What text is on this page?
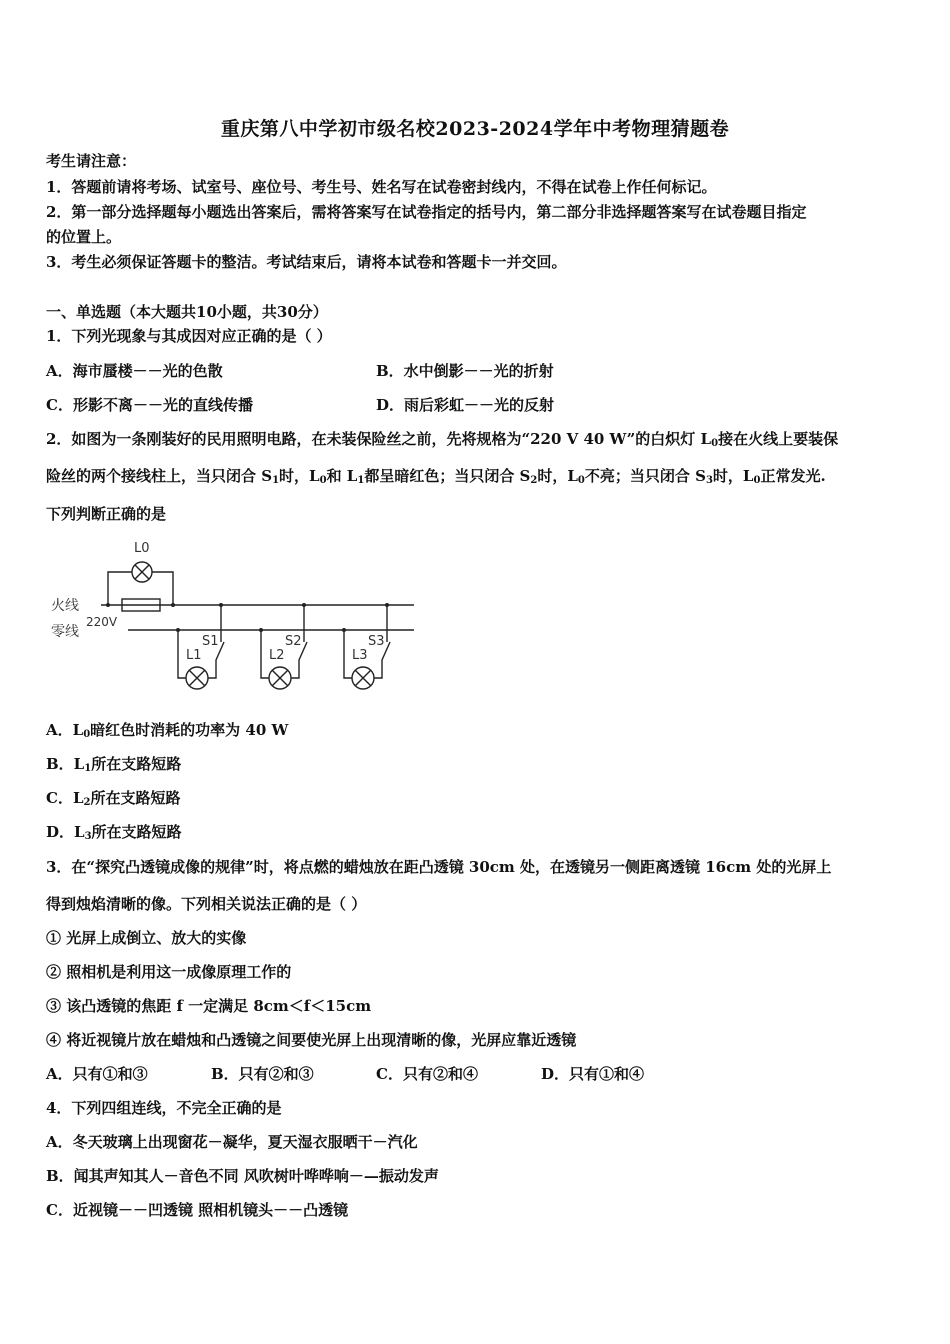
重庆第八中学初市级名校2023-2024学年中考物理猜题卷
考生请注意：
1．答题前请将考场、试室号、座位号、考生号、姓名写在试卷密封线内，不得在试卷上作任何标记。
2．第一部分选择题每小题选出答案后，需将答案写在试卷指定的括号内，第二部分非选择题答案写在试卷题目指定
的位置上。
3．考生必须保证答题卡的整洁。考试结束后，请将本试卷和答题卡一并交回。
一、单选题（本大题共10小题，共30分）
1．下列光现象与其成因对应正确的是（ ）
A．海市蜃楼－－光的色散	B．水中倒影－－光的折射
C．形影不离－－光的直线传播	D．雨后彩虹－－光的反射
2．如图为一条刚装好的民用照明电路，在未装保险丝之前，先将规格为“220 V 40 W”的白炽灯 $L_0$接在火线上要装保
险丝的两个接线柱上，当只闭合 $S_1$时，$L_0$和 $L_1$都呈暗红色；当只闭合 $S_2$时，$L_0$不亮；当只闭合 $S_3$时，$L_0$正常发光.
下列判断正确的是
L0
火线
零线
220V
L1	L2	L3
S1	S2	S3
A．$L_0$暗红色时消耗的功率为 40 W
B．$L_1$所在支路短路
C．$L_2$所在支路短路
D．$L_3$所在支路短路
3．在“探究凸透镜成像的规律”时，将点燃的蜡烛放在距凸透镜 30cm 处，在透镜另一侧距离透镜 16cm 处的光屏上
得到烛焰清晰的像。下列相关说法正确的是（ ）
① 光屏上成倒立、放大的实像
② 照相机是利用这一成像原理工作的
③ 该凸透镜的焦距 f 一定满足 8cm＜f＜15cm
④ 将近视镜片放在蜡烛和凸透镜之间要使光屏上出现清晰的像，光屏应靠近透镜
A．只有①和③	B．只有②和③	C．只有②和④	D．只有①和④
4．下列四组连线，不完全正确的是
A．冬天玻璃上出现窗花－凝华，夏天湿衣服晒干－汽化
B．闻其声知其人－音色不同 风吹树叶哗哗响－—振动发声
C．近视镜－－凹透镜 照相机镜头－－凸透镜
